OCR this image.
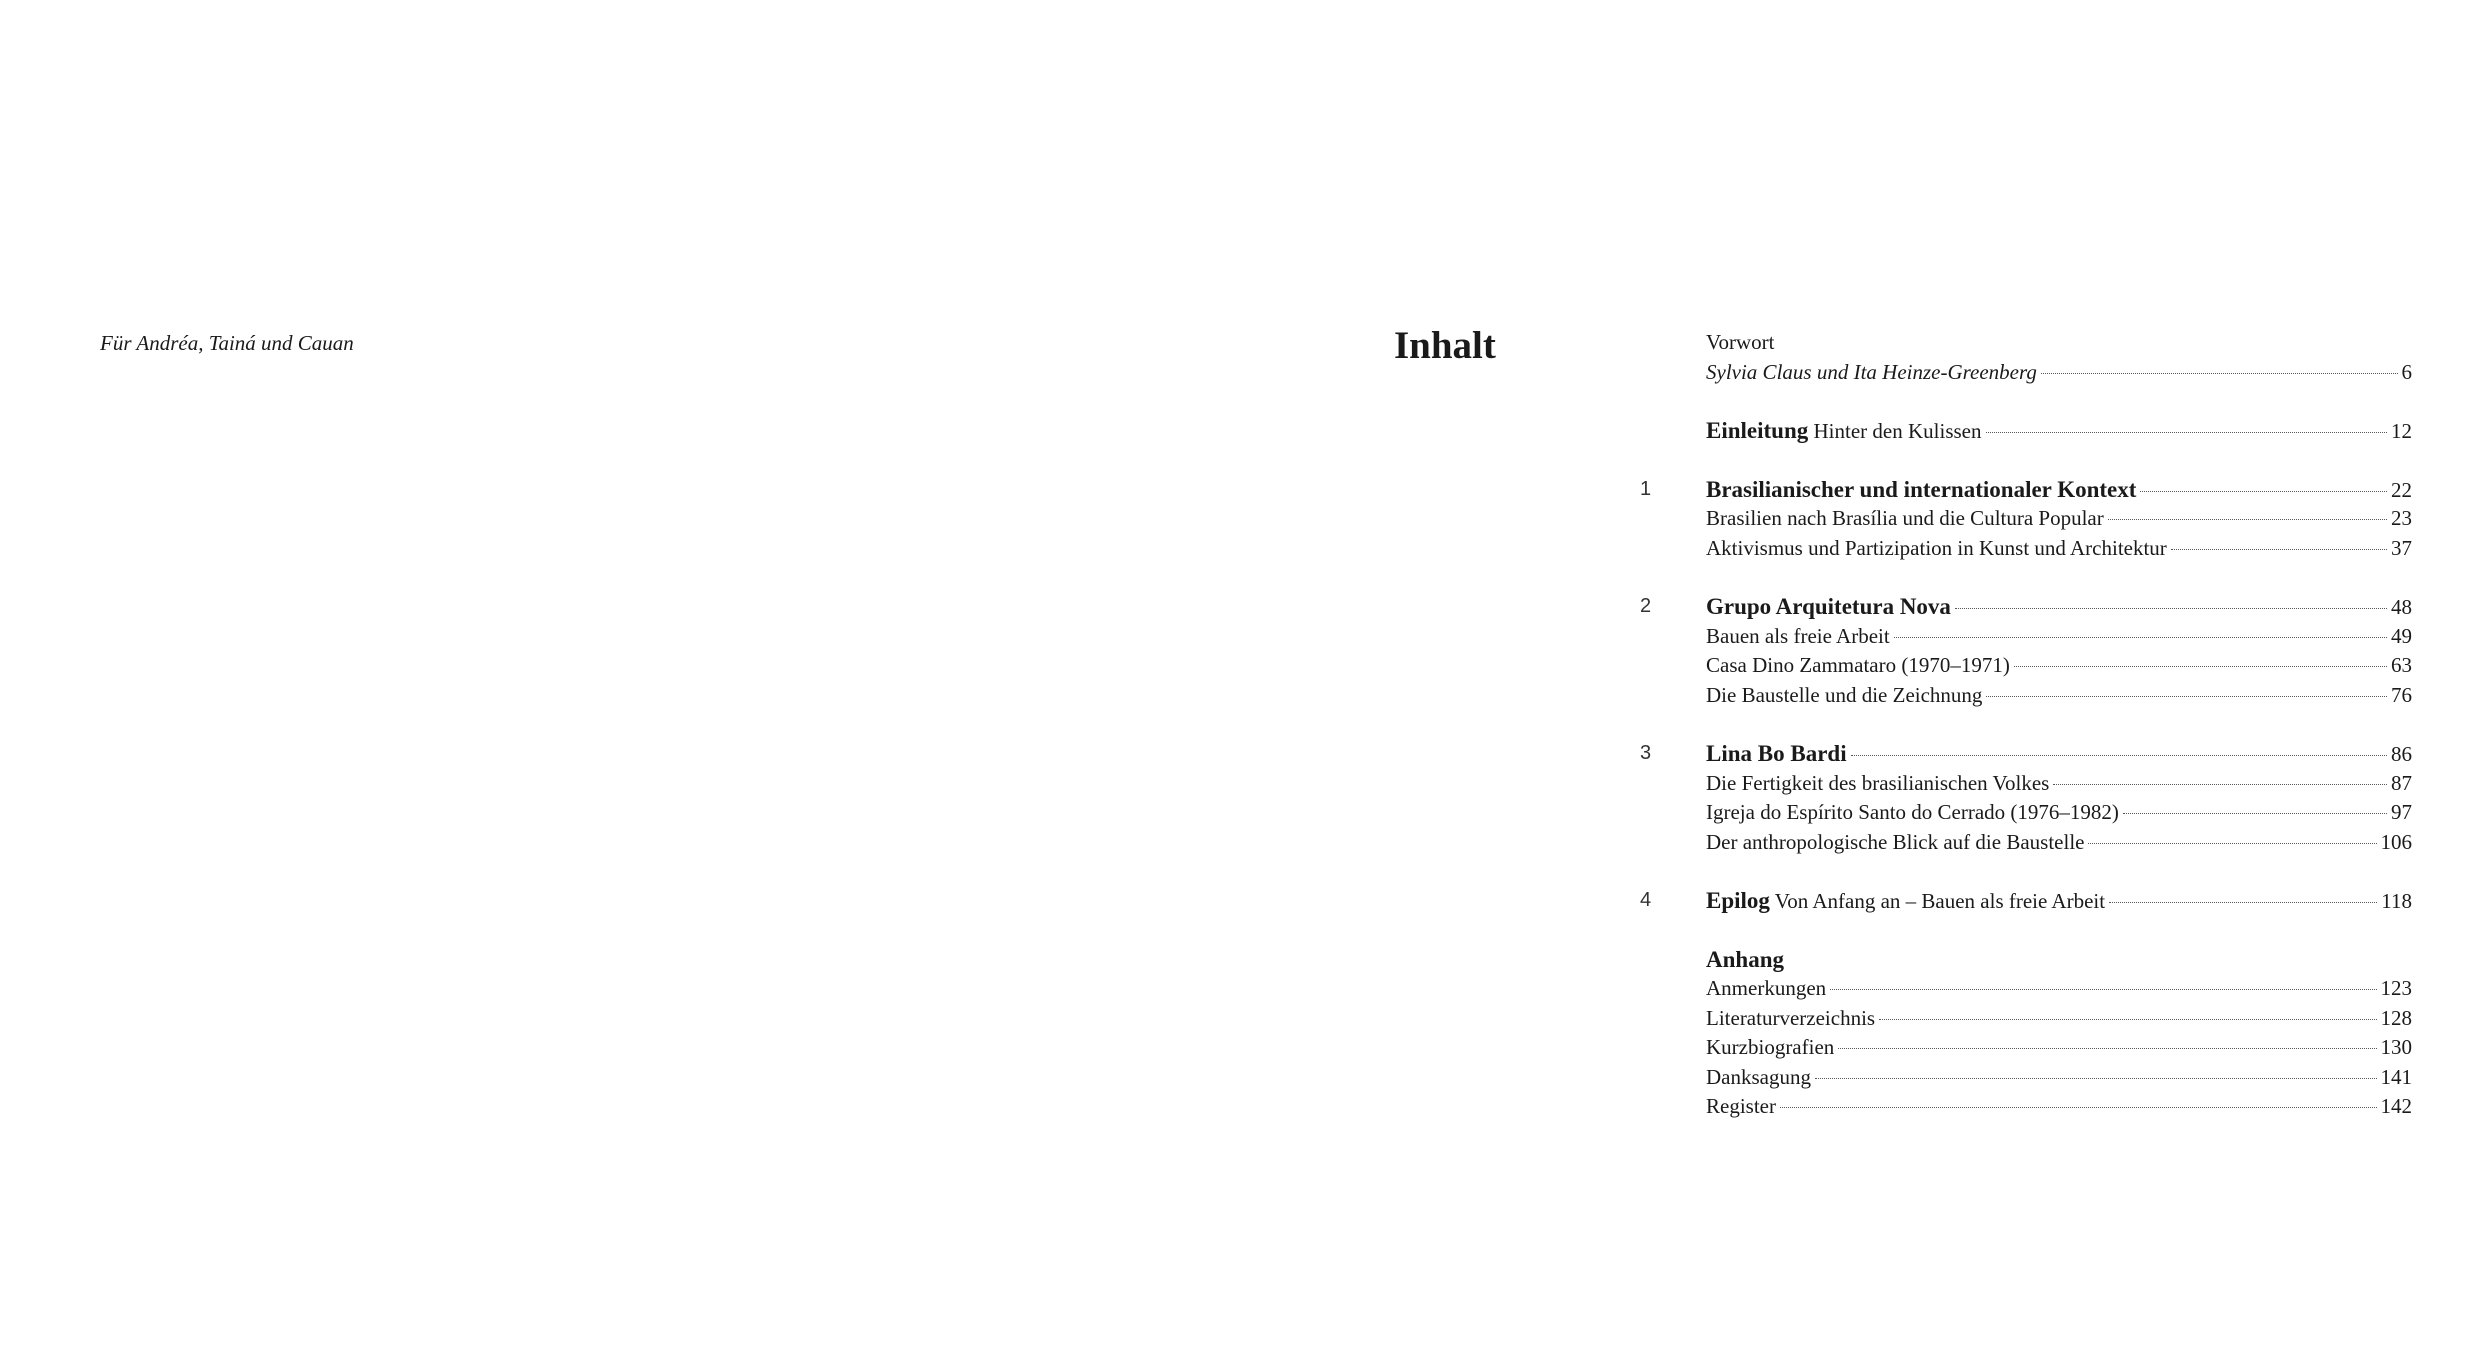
Für Andréa, Tainá und Cauan	Inhalt	Vorwort
Sylvia Claus und Ita Heinze-Greenberg	6
Einleitung Hinter den Kulissen	12
1	Brasilianischer und internationaler Kontext	22
Brasilien nach Brasília und die Cultura Popular	23
Aktivismus und Partizipation in Kunst und Architektur	37
2	Grupo Arquitetura Nova	48
Bauen als freie Arbeit	49
Casa Dino Zammataro (1970–1971)	63
Die Baustelle und die Zeichnung	76
3	Lina Bo Bardi	86
Die Fertigkeit des brasilianischen Volkes	87
Igreja do Espírito Santo do Cerrado (1976–1982)	97
Der anthropologische Blick auf die Baustelle	106
4	Epilog Von Anfang an – Bauen als freie Arbeit	118
Anhang
Anmerkungen	123
Literaturverzeichnis	128
Kurzbiografien	130
Danksagung	141
Register	142
